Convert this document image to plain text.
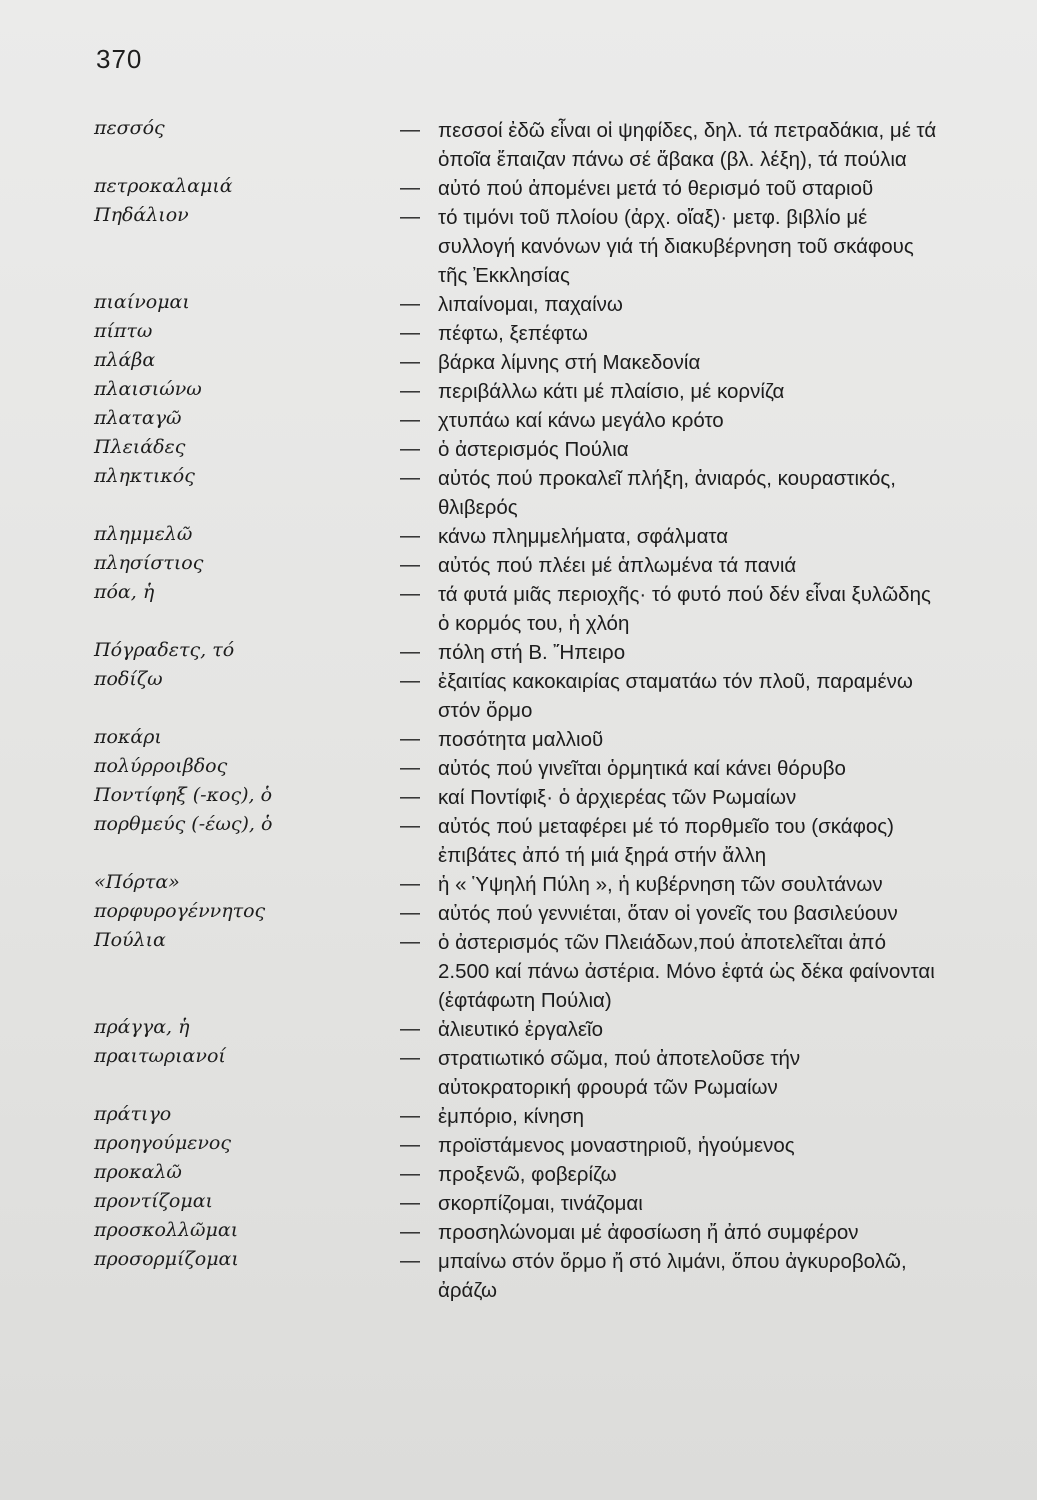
370
πεσσός	— πεσσοί ἐδῶ εἶναι οἱ ψηφίδες, δηλ. τά πετραδάκια, μέ τά ὁποῖα ἔπαιζαν πάνω σέ ἄβακα (βλ. λέξη), τά πούλια

πετροκαλαμιά	— αὐτό πού ἀπομένει μετά τό θερισμό τοῦ σταριοῦ

Πηδάλιον	— τό τιμόνι τοῦ πλοίου (ἀρχ. οἴαξ)· μετφ. βιβλίο μέ συλλογή κανόνων γιά τή διακυβέρνηση τοῦ σκάφους τῆς Ἐκκλησίας

πιαίνομαι	— λιπαίνομαι, παχαίνω

πίπτω	— πέφτω, ξεπέφτω

πλάβα	— βάρκα λίμνης στή Μακεδονία

πλαισιώνω	— περιβάλλω κάτι μέ πλαίσιο, μέ κορνίζα

πλαταγῶ	— χτυπάω καί κάνω μεγάλο κρότο

Πλειάδες	— ὁ ἀστερισμός Πούλια

πληκτικός	— αὐτός πού προκαλεῖ πλήξη, ἀνιαρός, κουραστικός, θλιβερός

πλημμελῶ	— κάνω πλημμελήματα, σφάλματα

πλησίστιος	— αὐτός πού πλέει μέ ἁπλωμένα τά πανιά

πόα, ἡ	— τά φυτά μιᾶς περιοχῆς· τό φυτό πού δέν εἶναι ξυλῶδης ὁ κορμός του, ἡ χλόη

Πόγραδετς, τό	— πόλη στή Β. Ἤπειρο

ποδίζω	— ἐξαιτίας κακοκαιρίας σταματάω τόν πλοῦ, παραμένω στόν ὅρμο

ποκάρι	— ποσότητα μαλλιοῦ

πολύρροιβδος	— αὐτός πού γινεῖται ὁρμητικά καί κάνει θόρυβο

Ποντίφηξ (-κος), ὁ	— καί Ποντίφιξ· ὁ ἀρχιερέας τῶν Ρωμαίων

πορθμεύς (-έως), ὁ	— αὐτός πού μεταφέρει μέ τό πορθμεῖο του (σκάφος) ἐπιβάτες ἀπό τή μιά ξηρά στήν ἄλλη

«Πόρτα»	— ἡ « Ὑψηλή Πύλη », ἡ κυβέρνηση τῶν σουλτάνων

πορφυρογέννητος	— αὐτός πού γεννιέται, ὅταν οἱ γονεῖς του βασιλεύουν

Πούλια	— ὁ ἀστερισμός τῶν Πλειάδων,πού ἀποτελεῖται ἀπό 2.500 καί πάνω ἀστέρια. Μόνο ἑφτά ὡς δέκα φαίνονται (ἑφτάφωτη Πούλια)

πράγγα, ἡ	— ἁλιευτικό ἐργαλεῖο

πραιτωριανοί	— στρατιωτικό σῶμα, πού ἀποτελοῦσε τήν αὐτοκρατορική φρουρά τῶν Ρωμαίων

πράτιγο	— ἐμπόριο, κίνηση

προηγούμενος	— προϊστάμενος μοναστηριοῦ, ἡγούμενος

προκαλῶ	— προξενῶ, φοβερίζω

προντίζομαι	— σκορπίζομαι, τινάζομαι

προσκολλῶμαι	— προσηλώνομαι μέ ἀφοσίωση ἤ ἀπό συμφέρον

προσορμίζομαι	— μπαίνω στόν ὅρμο ἤ στό λιμάνι, ὅπου ἀγκυροβολῶ, ἀράζω
